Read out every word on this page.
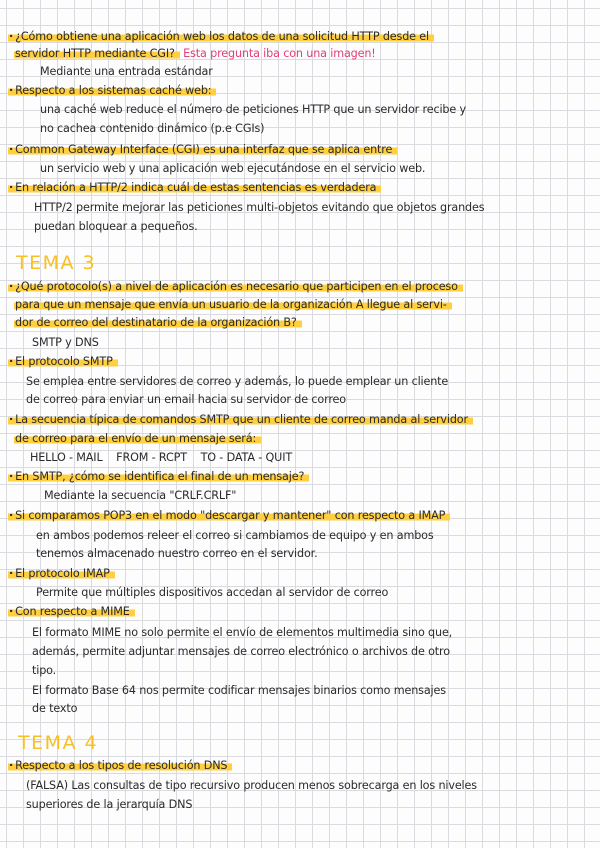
· ¿Cómo obtiene una aplicación web los datos de una solicitud HTTP desde el
servidor HTTP mediante CGI? Esta pregunta iba con una imagen!
Mediante una entrada estándar
· Respecto a los sistemas caché web:
una caché web reduce el número de peticiones HTTP que un servidor recibe y
no cachea contenido dinámico (p.e CGIs)
· Common Gateway Interface (CGI) es una interfaz que se aplica entre
un servicio web y una aplicación web ejecutándose en el servicio web.
· En relación a HTTP/2 indica cuál de estas sentencias es verdadera
HTTP/2 permite mejorar las peticiones multi-objetos evitando que objetos grandes
puedan bloquear a pequeños.
TEMA 3
· ¿Qué protocolo(s) a nivel de aplicación es necesario que participen en el proceso
para que un mensaje que envía un usuario de la organización A llegue al servi-
dor de correo del destinatario de la organización B?
SMTP y DNS
· El protocolo SMTP
Se emplea entre servidores de correo y además, lo puede emplear un cliente
de correo para enviar un email hacia su servidor de correo
· La secuencia típica de comandos SMTP que un cliente de correo manda al servidor
de correo para el envío de un mensaje será:
HELLO - MAIL    FROM - RCPT    TO - DATA - QUIT
· En SMTP, ¿cómo se identifica el final de un mensaje?
Mediante la secuencia "CRLF.CRLF"
· Si comparamos POP3 en el modo "descargar y mantener" con respecto a IMAP
en ambos podemos releer el correo si cambiamos de equipo y en ambos
tenemos almacenado nuestro correo en el servidor.
· El protocolo IMAP
Permite que múltiples dispositivos accedan al servidor de correo
· Con respecto a MIME
El formato MIME no solo permite el envío de elementos multimedia sino que,
además, permite adjuntar mensajes de correo electrónico o archivos de otro
tipo.
El formato Base 64 nos permite codificar mensajes binarios como mensajes
de texto
TEMA 4
· Respecto a los tipos de resolución DNS
(FALSA) Las consultas de tipo recursivo producen menos sobrecarga en los niveles
superiores de la jerarquía DNS
